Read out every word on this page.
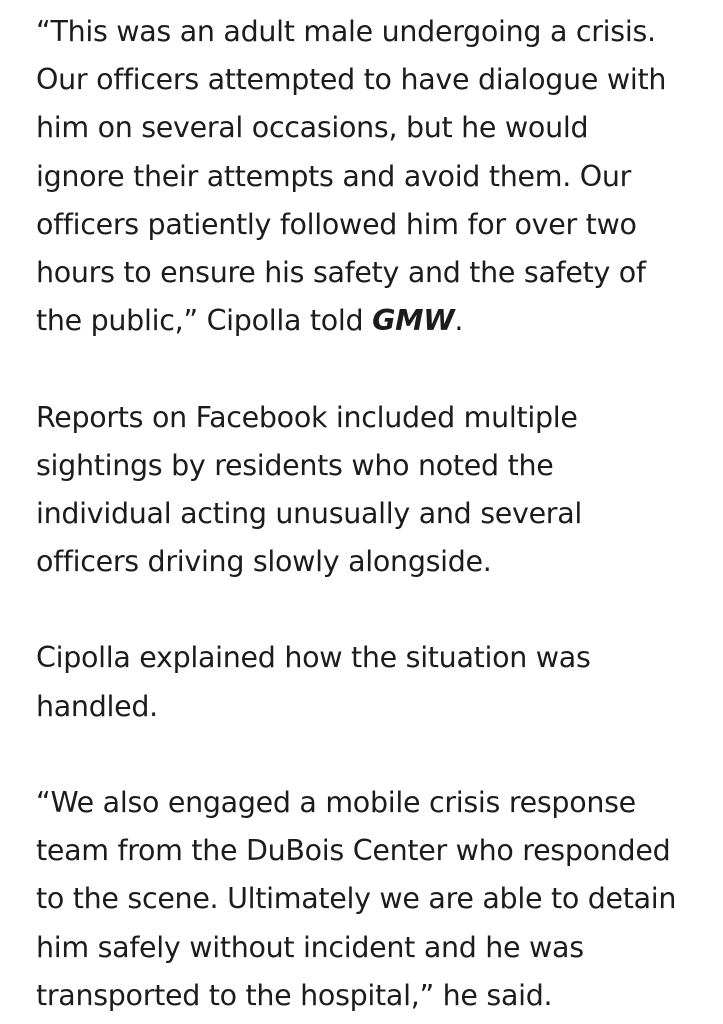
“This was an adult male undergoing a crisis.
Our officers attempted to have dialogue with
him on several occasions, but he would
ignore their attempts and avoid them. Our
officers patiently followed him for over two
hours to ensure his safety and the safety of
the public,” Cipolla told GMW.

Reports on Facebook included multiple
sightings by residents who noted the
individual acting unusually and several
officers driving slowly alongside.

Cipolla explained how the situation was
handled.

“We also engaged a mobile crisis response
team from the DuBois Center who responded
to the scene. Ultimately we are able to detain
him safely without incident and he was
transported to the hospital,” he said.
